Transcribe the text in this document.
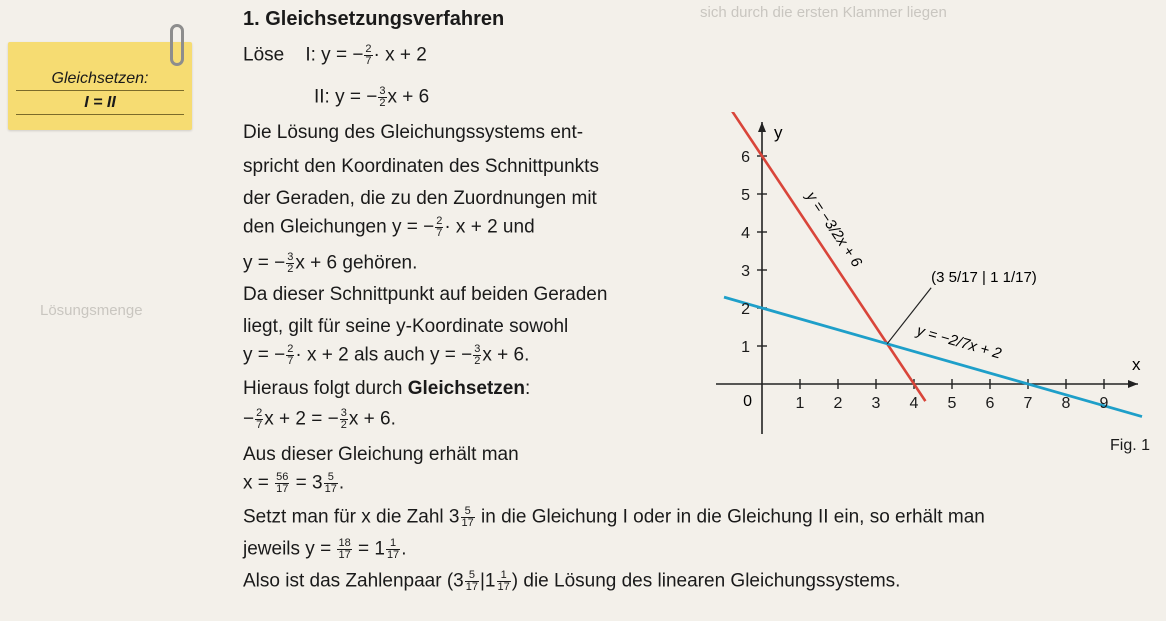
sich durch die ersten Klammer liegen
Lösungsmenge
Gleichsetzen:
I = II
1. Gleichsetzungsverfahren
Löse I: y = − $\frac{2}{7} \cdot x + 2$
II: y = − $\frac{3}{2}$ x + 6
Die Lösung des Gleichungssystems ent-
spricht den Koordinaten des Schnittpunkts
der Geraden, die zu den Zuordnungen mit
den Gleichungen y = − $\frac{2}{7} \cdot x + 2$ und
y = − $\frac{3}{2}$ x + 6 gehören.
Da dieser Schnittpunkt auf beiden Geraden
liegt, gilt für seine y-Koordinate sowohl
y = − $\frac{2}{7} \cdot x + 2$ als auch y = − $\frac{3}{2}$ x + 6.
Hieraus folgt durch Gleichsetzen:
− $\frac{2}{7}$ x + 2 = − $\frac{3}{2}$ x + 6.
Aus dieser Gleichung erhält man
$x = \frac{56}{17} = 3 \frac{5}{17}$ .
Setzt man für x die Zahl $3 \frac{5}{17}$ in die Gleichung I oder in die Gleichung II ein, so erhält man
jeweils $y = \frac{18}{17} = 1 \frac{1}{17}$ .
Also ist das Zahlenpaar ($3 \frac{5}{17} |1 \frac{1}{17}$ ) die Lösung des linearen Gleichungssystems.
1 2 3 4 5 6 7 8 9
1
2
3
4
5
6
0
x
y
(3 5/17 | 1 1/17)
y = −3/2x + 6
y = −2/7x + 2
Fig. 1
